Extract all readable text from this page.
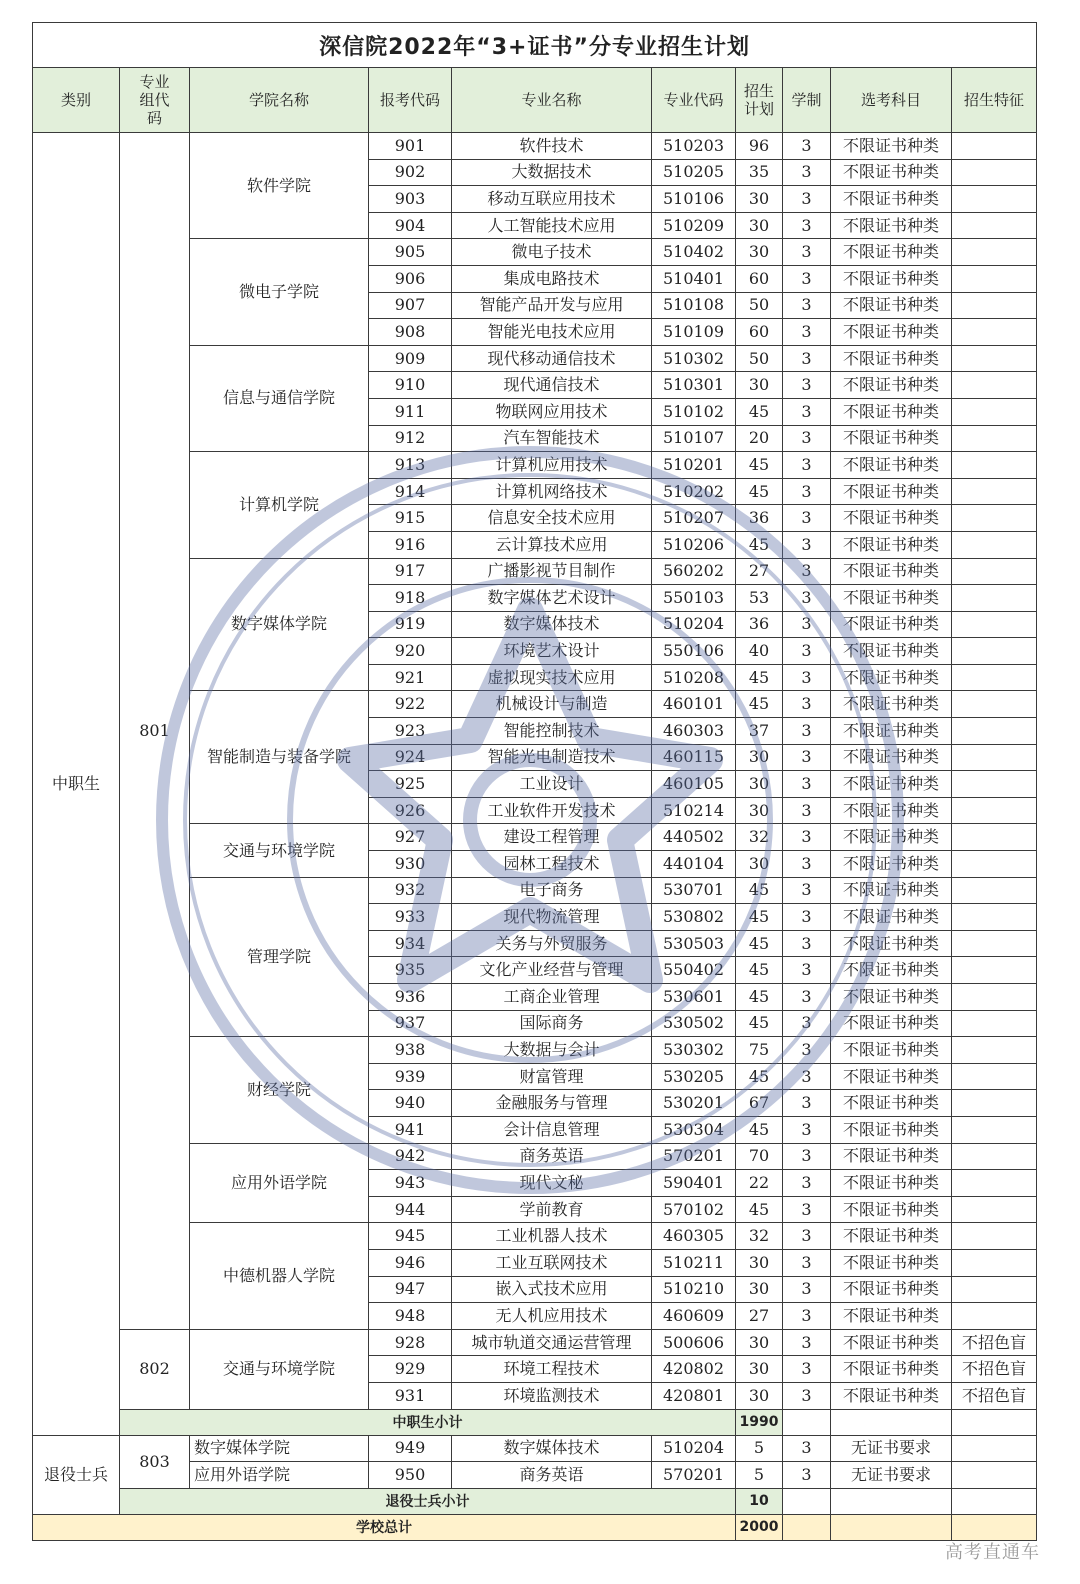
深信院2022年“3+证书”分专业招生计划									
类别	专业组代码	学院名称	报考代码	专业名称	专业代码	招生计划	学制	选考科目	招生特征
中职生	801	软件学院	901	软件技术	510203	96	3	不限证书种类	
			902	大数据技术	510205	35	3	不限证书种类	
			903	移动互联应用技术	510106	30	3	不限证书种类	
			904	人工智能技术应用	510209	30	3	不限证书种类	
		微电子学院	905	微电子技术	510402	30	3	不限证书种类	
			906	集成电路技术	510401	60	3	不限证书种类	
			907	智能产品开发与应用	510108	50	3	不限证书种类	
			908	智能光电技术应用	510109	60	3	不限证书种类	
		信息与通信学院	909	现代移动通信技术	510302	50	3	不限证书种类	
			910	现代通信技术	510301	30	3	不限证书种类	
			911	物联网应用技术	510102	45	3	不限证书种类	
			912	汽车智能技术	510107	20	3	不限证书种类	
		计算机学院	913	计算机应用技术	510201	45	3	不限证书种类	
			914	计算机网络技术	510202	45	3	不限证书种类	
			915	信息安全技术应用	510207	36	3	不限证书种类	
			916	云计算技术应用	510206	45	3	不限证书种类	
		数字媒体学院	917	广播影视节目制作	560202	27	3	不限证书种类	
			918	数字媒体艺术设计	550103	53	3	不限证书种类	
			919	数字媒体技术	510204	36	3	不限证书种类	
			920	环境艺术设计	550106	40	3	不限证书种类	
			921	虚拟现实技术应用	510208	45	3	不限证书种类	
		智能制造与装备学院	922	机械设计与制造	460101	45	3	不限证书种类	
			923	智能控制技术	460303	37	3	不限证书种类	
			924	智能光电制造技术	460115	30	3	不限证书种类	
			925	工业设计	460105	30	3	不限证书种类	
			926	工业软件开发技术	510214	30	3	不限证书种类	
		交通与环境学院	927	建设工程管理	440502	32	3	不限证书种类	
			930	园林工程技术	440104	30	3	不限证书种类	
		管理学院	932	电子商务	530701	45	3	不限证书种类	
			933	现代物流管理	530802	45	3	不限证书种类	
			934	关务与外贸服务	530503	45	3	不限证书种类	
			935	文化产业经营与管理	550402	45	3	不限证书种类	
			936	工商企业管理	530601	45	3	不限证书种类	
			937	国际商务	530502	45	3	不限证书种类	
		财经学院	938	大数据与会计	530302	75	3	不限证书种类	
			939	财富管理	530205	45	3	不限证书种类	
			940	金融服务与管理	530201	67	3	不限证书种类	
			941	会计信息管理	530304	45	3	不限证书种类	
		应用外语学院	942	商务英语	570201	70	3	不限证书种类	
			943	现代文秘	590401	22	3	不限证书种类	
			944	学前教育	570102	45	3	不限证书种类	
		中德机器人学院	945	工业机器人技术	460305	32	3	不限证书种类	
			946	工业互联网技术	510211	30	3	不限证书种类	
			947	嵌入式技术应用	510210	30	3	不限证书种类	
			948	无人机应用技术	460609	27	3	不限证书种类	
	802	交通与环境学院	928	城市轨道交通运营管理	500606	30	3	不限证书种类	不招色盲
			929	环境工程技术	420802	30	3	不限证书种类	不招色盲
			931	环境监测技术	420801	30	3	不限证书种类	不招色盲
	中职生小计					1990			
退役士兵	803	数字媒体学院	949	数字媒体技术	510204	5	3	无证书要求	
		应用外语学院	950	商务英语	570201	5	3	无证书要求	
	退役士兵小计					10			
学校总计						2000			
高考直通车
